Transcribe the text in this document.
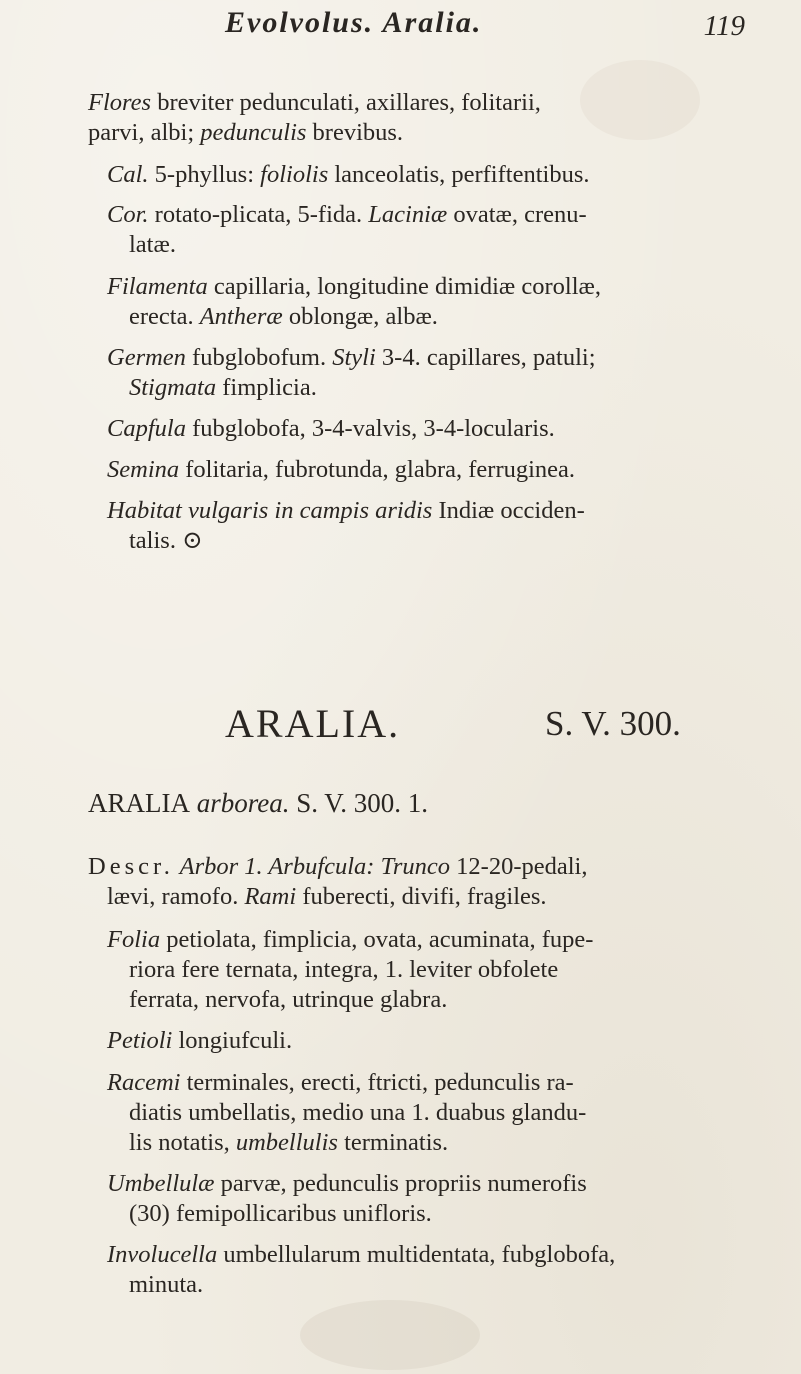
Evolvolus. Aralia.	119
Flores breviter pedunculati, axillares, folitarii,
parvi, albi; pedunculis brevibus.
Cal. 5-phyllus: foliolis lanceolatis, perfiftentibus.
Cor. rotato-plicata, 5-fida. Laciniæ ovatæ, crenu-
latæ.
Filamenta capillaria, longitudine dimidiæ corollæ,
erecta. Antheræ oblongæ, albæ.
Germen fubglobofum. Styli 3-4. capillares, patuli;
Stigmata fimplicia.
Capfula fubglobofa, 3-4-valvis, 3-4-locularis.
Semina folitaria, fubrotunda, glabra, ferruginea.
Habitat vulgaris in campis aridis Indiæ occiden-
talis. ⊙
ARALIA.	S. V. 300.
ARALIA arborea. S. V. 300. 1.
Descr. Arbor 1. Arbufcula: Trunco 12-20-pedali,
lævi, ramofo. Rami fuberecti, divifi, fragiles.
Folia petiolata, fimplicia, ovata, acuminata, fupe-
riora fere ternata, integra, 1. leviter obfolete
ferrata, nervofa, utrinque glabra.
Petioli longiufculi.
Racemi terminales, erecti, ftricti, pedunculis ra-
diatis umbellatis, medio una 1. duabus glandu-
lis notatis, umbellulis terminatis.
Umbellulæ parvæ, pedunculis propriis numerofis
(30) femipollicaribus unifloris.
Involucella umbellularum multidentata, fubglobofa,
minuta.
